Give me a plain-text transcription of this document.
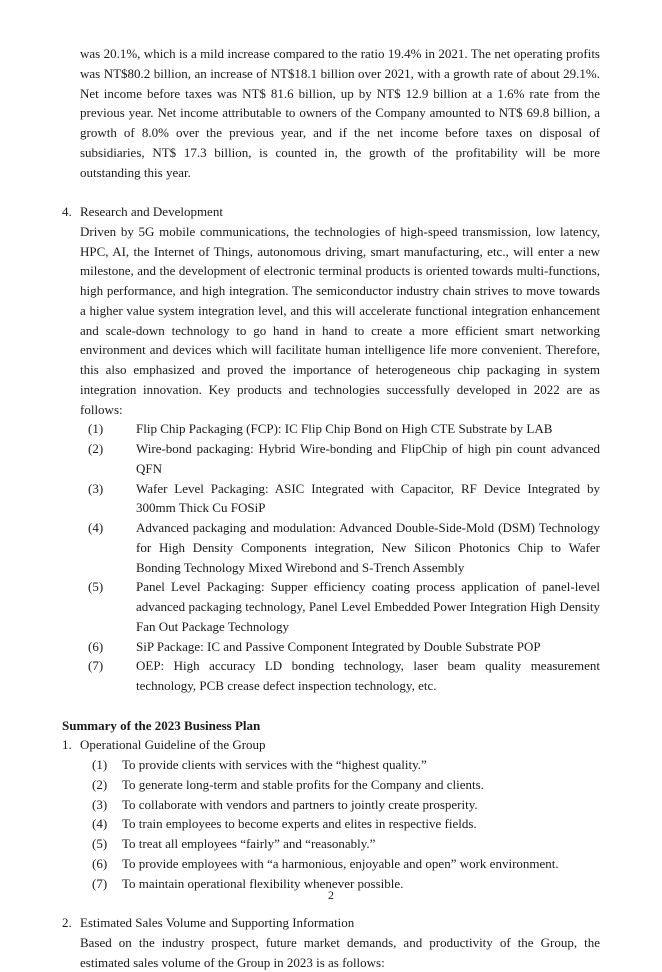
was 20.1%, which is a mild increase compared to the ratio 19.4% in 2021. The net operating profits was NT$80.2 billion, an increase of NT$18.1 billion over 2021, with a growth rate of about 29.1%. Net income before taxes was NT$ 81.6 billion, up by NT$ 12.9 billion at a 1.6% rate from the previous year. Net income attributable to owners of the Company amounted to NT$ 69.8 billion, a growth of 8.0% over the previous year, and if the net income before taxes on disposal of subsidiaries, NT$ 17.3 billion, is counted in, the growth of the profitability will be more outstanding this year.

4. Research and Development

Driven by 5G mobile communications, the technologies of high-speed transmission, low latency, HPC, AI, the Internet of Things, autonomous driving, smart manufacturing, etc., will enter a new milestone, and the development of electronic terminal products is oriented towards multi-functions, high performance, and high integration. The semiconductor industry chain strives to move towards a higher value system integration level, and this will accelerate functional integration enhancement and scale-down technology to go hand in hand to create a more efficient smart networking environment and devices which will facilitate human intelligence life more convenient. Therefore, this also emphasized and proved the importance of heterogeneous chip packaging in system integration innovation. Key products and technologies successfully developed in 2022 are as follows:

(1)	Flip Chip Packaging (FCP): IC Flip Chip Bond on High CTE Substrate by LAB
(2)	Wire-bond packaging: Hybrid Wire-bonding and FlipChip of high pin count advanced QFN
(3)	Wafer Level Packaging: ASIC Integrated with Capacitor, RF Device Integrated by 300mm Thick Cu FOSiP
(4)	Advanced packaging and modulation: Advanced Double-Side-Mold (DSM) Technology for High Density Components integration, New Silicon Photonics Chip to Wafer Bonding Technology Mixed Wirebond and S-Trench Assembly
(5)	Panel Level Packaging: Supper efficiency coating process application of panel-level advanced packaging technology, Panel Level Embedded Power Integration High Density Fan Out Package Technology
(6)	SiP Package: IC and Passive Component Integrated by Double Substrate POP
(7)	OEP: High accuracy LD bonding technology, laser beam quality measurement technology, PCB crease defect inspection technology, etc.

Summary of the 2023 Business Plan

1. Operational Guideline of the Group
(1)	To provide clients with services with the “highest quality.”
(2)	To generate long-term and stable profits for the Company and clients.
(3)	To collaborate with vendors and partners to jointly create prosperity.
(4)	To train employees to become experts and elites in respective fields.
(5)	To treat all employees “fairly” and “reasonably.”
(6)	To provide employees with “a harmonious, enjoyable and open” work environment.
(7)	To maintain operational flexibility whenever possible.
2. Estimated Sales Volume and Supporting Information

Based on the industry prospect, future market demands, and productivity of the Group, the estimated sales volume of the Group in 2023 is as follows:

2
